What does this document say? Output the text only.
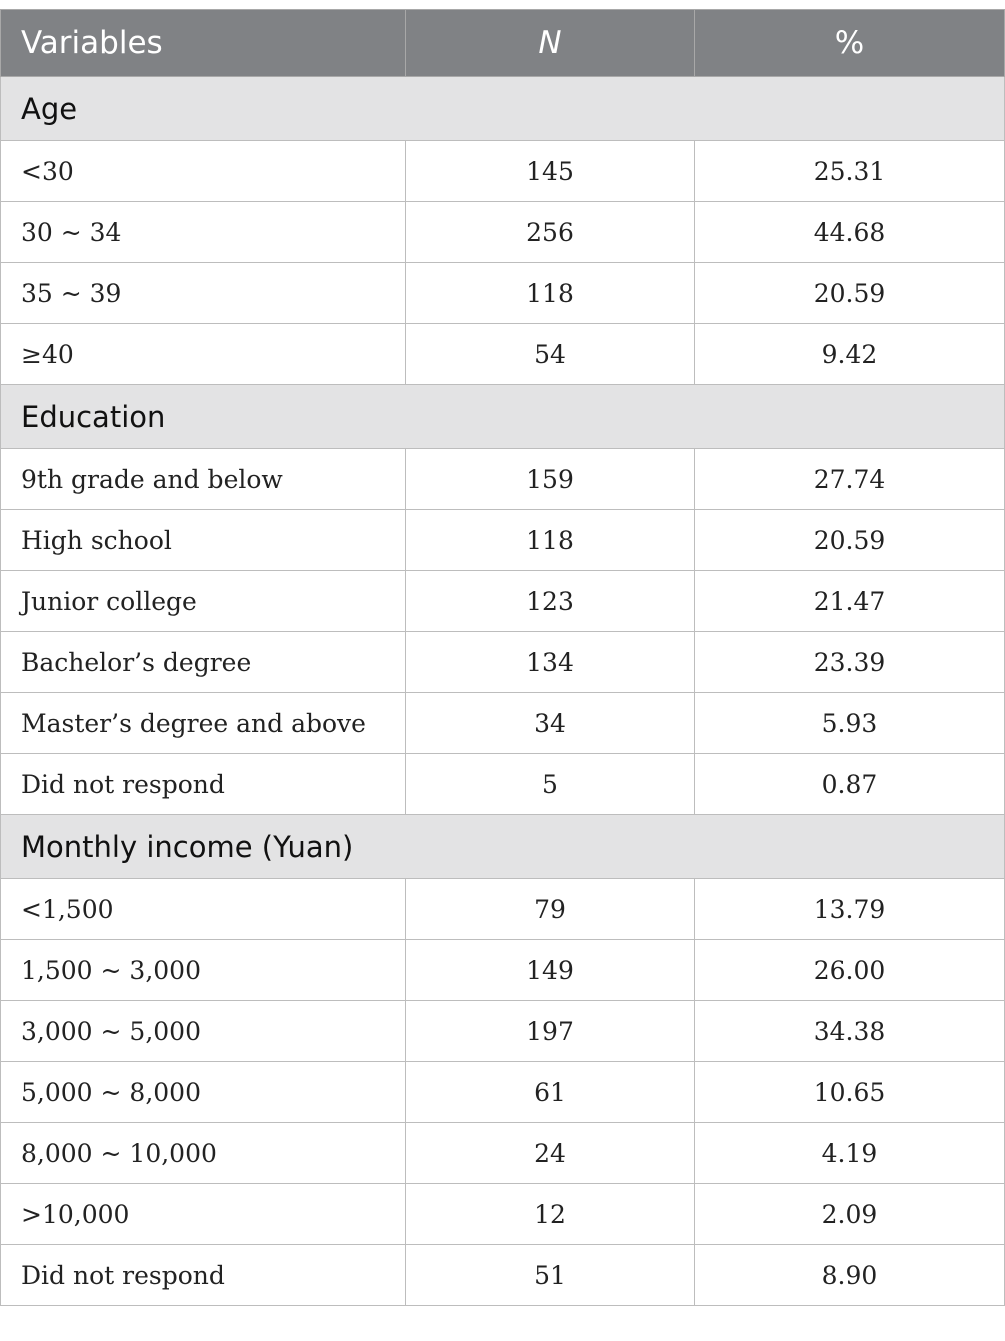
Variables	N	%
Age		
<30	145	25.31
30 ~ 34	256	44.68
35 ~ 39	118	20.59
≥40	54	9.42
Education		
9th grade and below	159	27.74
High school	118	20.59
Junior college	123	21.47
Bachelor’s degree	134	23.39
Master’s degree and above	34	5.93
Did not respond	5	0.87
Monthly income (Yuan)		
<1,500	79	13.79
1,500 ~ 3,000	149	26.00
3,000 ~ 5,000	197	34.38
5,000 ~ 8,000	61	10.65
8,000 ~ 10,000	24	4.19
>10,000	12	2.09
Did not respond	51	8.90
